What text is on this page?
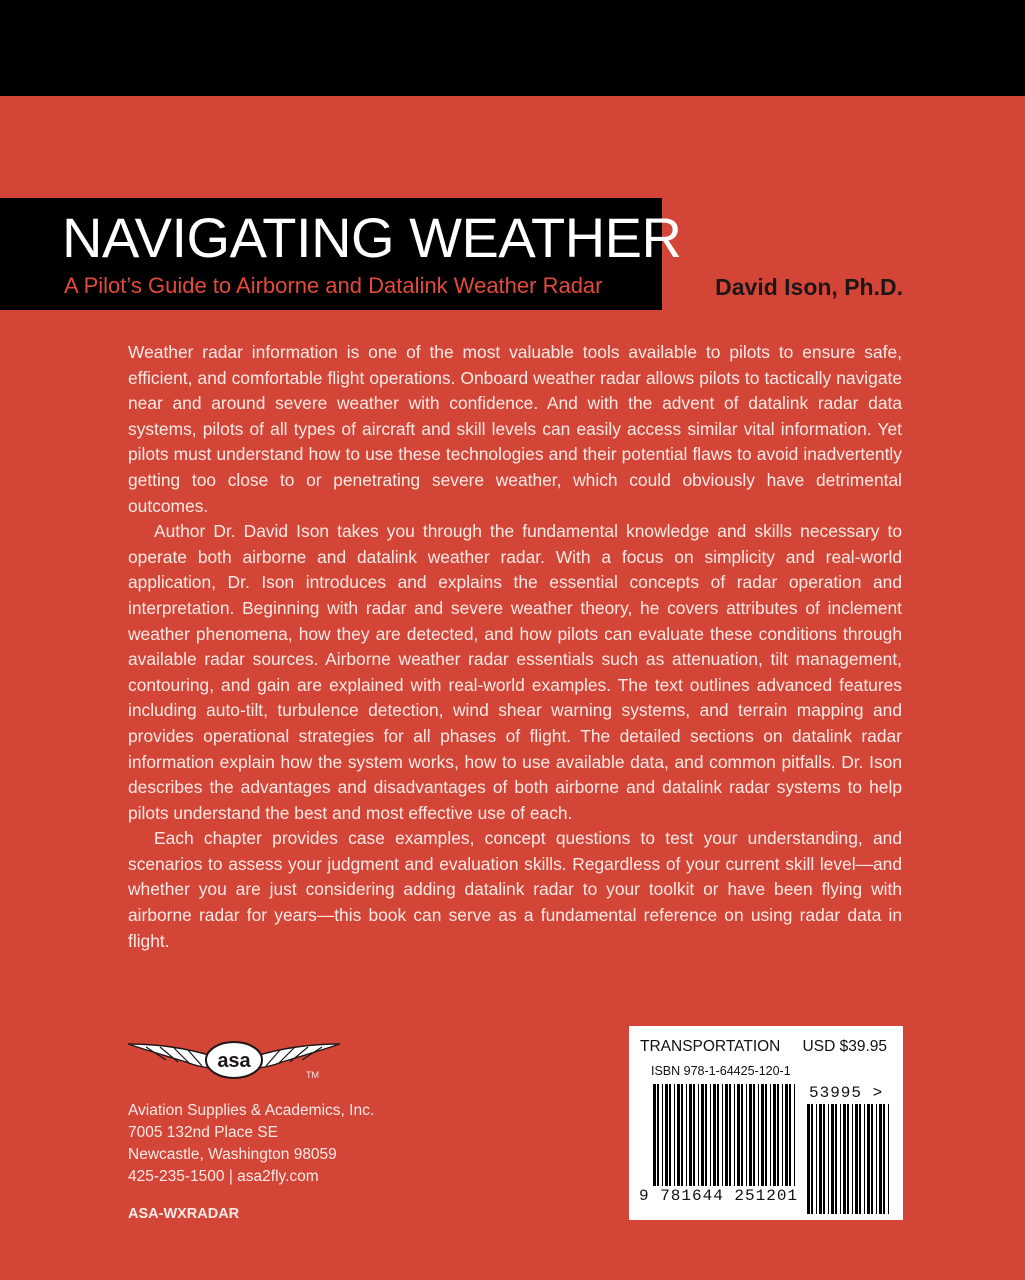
NAVIGATING WEATHER
A Pilot’s Guide to Airborne and Datalink Weather Radar	David Ison, Ph.D.

Weather radar information is one of the most valuable tools available to pilots to ensure safe, efficient, and comfortable flight operations. Onboard weather radar allows pilots to tactically navigate near and around severe weather with confidence. And with the advent of datalink radar data systems, pilots of all types of aircraft and skill levels can easily access similar vital information. Yet pilots must understand how to use these technologies and their potential flaws to avoid inadvertently getting too close to or penetrating severe weather, which could obviously have detrimental outcomes.

Author Dr. David Ison takes you through the fundamental knowledge and skills necessary to operate both airborne and datalink weather radar. With a focus on simplicity and real-world application, Dr. Ison introduces and explains the essential concepts of radar operation and interpretation. Beginning with radar and severe weather theory, he covers attributes of inclement weather phenomena, how they are detected, and how pilots can evaluate these conditions through available radar sources. Airborne weather radar essentials such as attenuation, tilt management, contouring, and gain are explained with real-world examples. The text outlines advanced features including auto-tilt, turbulence detection, wind shear warning systems, and terrain mapping and provides operational strategies for all phases of flight. The detailed sections on datalink radar information explain how the system works, how to use available data, and common pitfalls. Dr. Ison describes the advantages and disadvantages of both airborne and datalink radar systems to help pilots understand the best and most effective use of each.

Each chapter provides case examples, concept questions to test your understanding, and scenarios to assess your judgment and evaluation skills. Regardless of your current skill level—and whether you are just considering adding datalink radar to your toolkit or have been flying with airborne radar for years—this book can serve as a fundamental reference on using radar data in flight.

asa
TM
Aviation Supplies & Academics, Inc.
7005 132nd Place SE
Newcastle, Washington 98059
425-235-1500 | asa2fly.com
ASA-WXRADAR
TRANSPORTATION USD $39.95
ISBN 978-1-64425-120-1
9 781644 251201
53995 >
